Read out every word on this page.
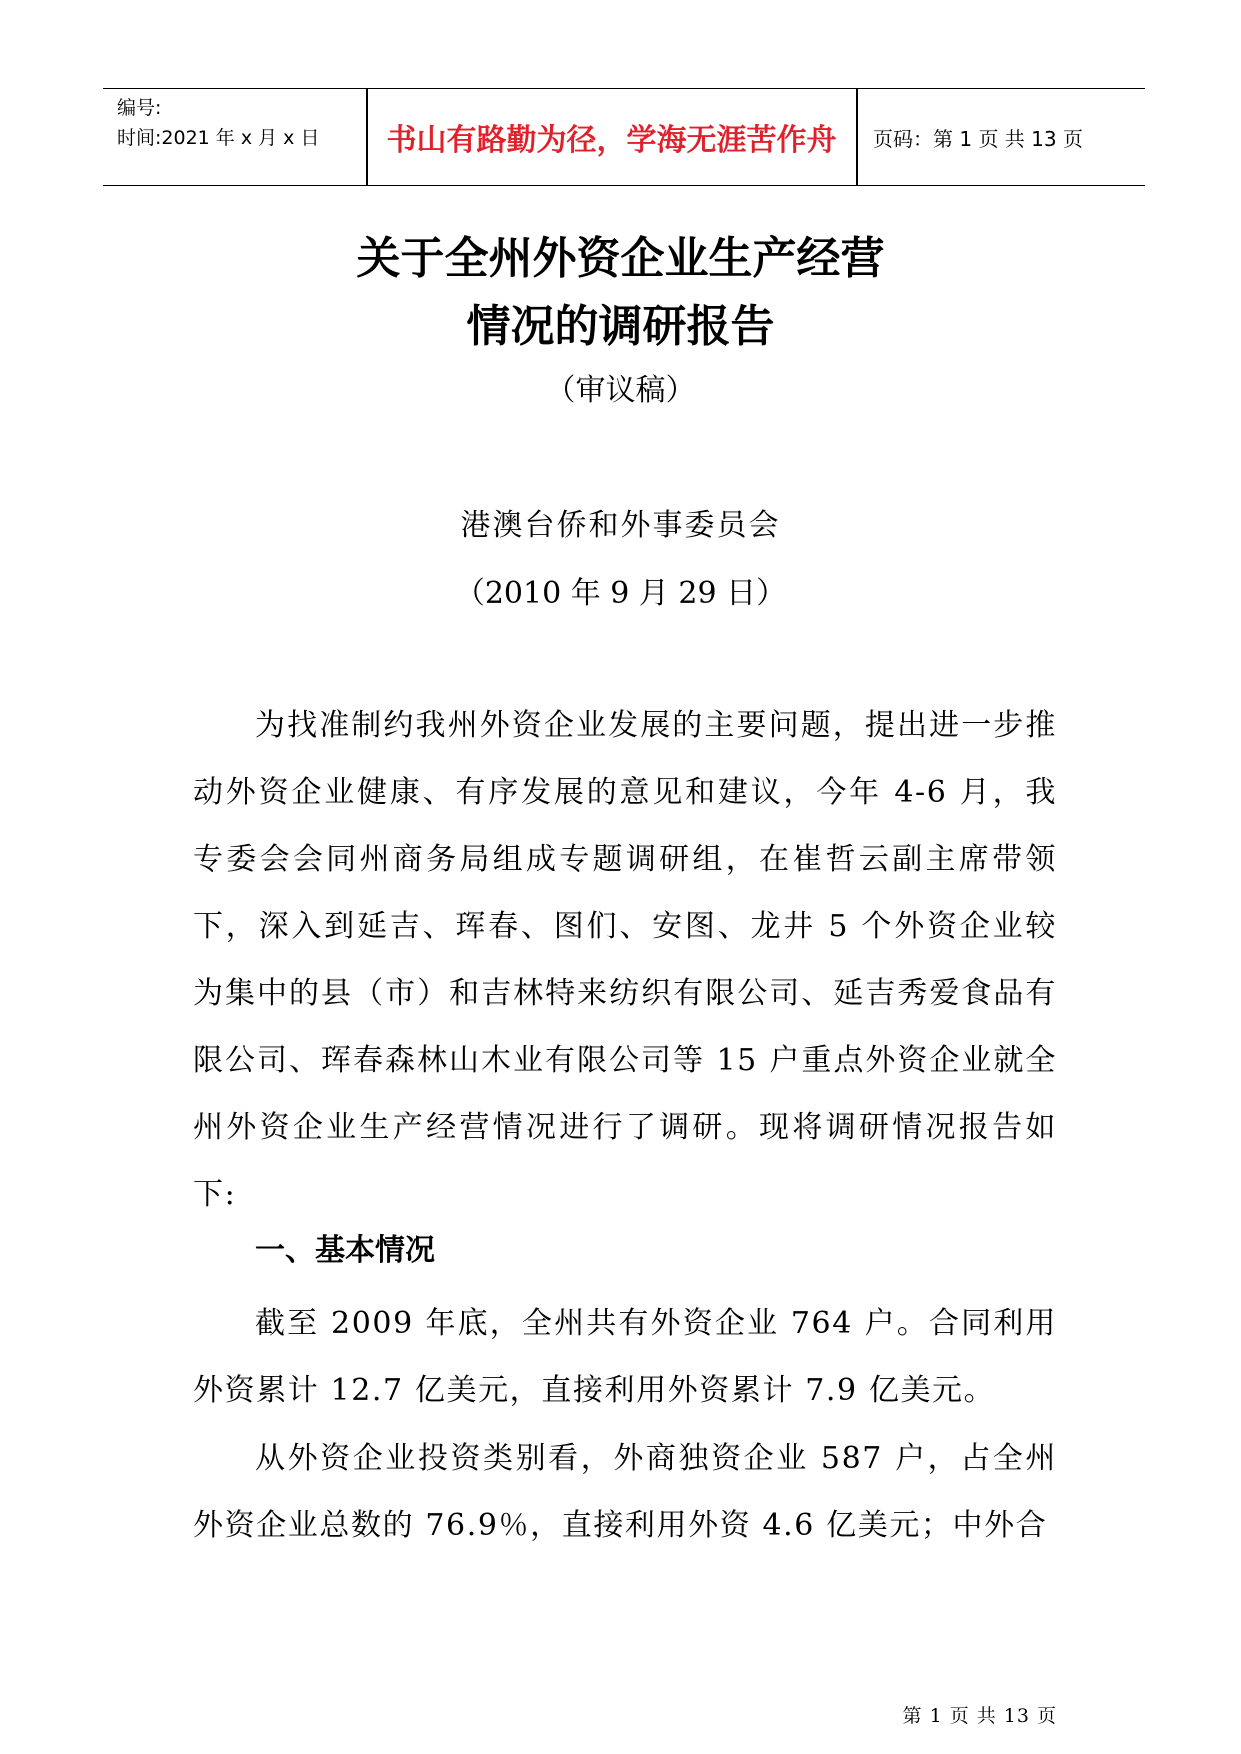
编号:
时间:2021 年 x 月 x 日	书山有路勤为径，学海无涯苦作舟	页码：第 1 页 共 13 页
关于全州外资企业生产经营
情况的调研报告
（审议稿）
港澳台侨和外事委员会
（2010 年 9 月 29 日）

为找准制约我州外资企业发展的主要问题，提出进一步推动外资企业健康、有序发展的意见和建议，今年 4-6 月，我专委会会同州商务局组成专题调研组，在崔哲云副主席带领下，深入到延吉、珲春、图们、安图、龙井 5 个外资企业较为集中的县（市）和吉林特来纺织有限公司、延吉秀爱食品有限公司、珲春森林山木业有限公司等 15 户重点外资企业就全州外资企业生产经营情况进行了调研。现将调研情况报告如下:

一、基本情况

截至 2009 年底，全州共有外资企业 764 户。合同利用外资累计 12.7 亿美元，直接利用外资累计 7.9 亿美元。

从外资企业投资类别看，外商独资企业 587 户，占全州外资企业总数的 76.9％，直接利用外资 4.6 亿美元；中外合

第 1 页 共 13 页
